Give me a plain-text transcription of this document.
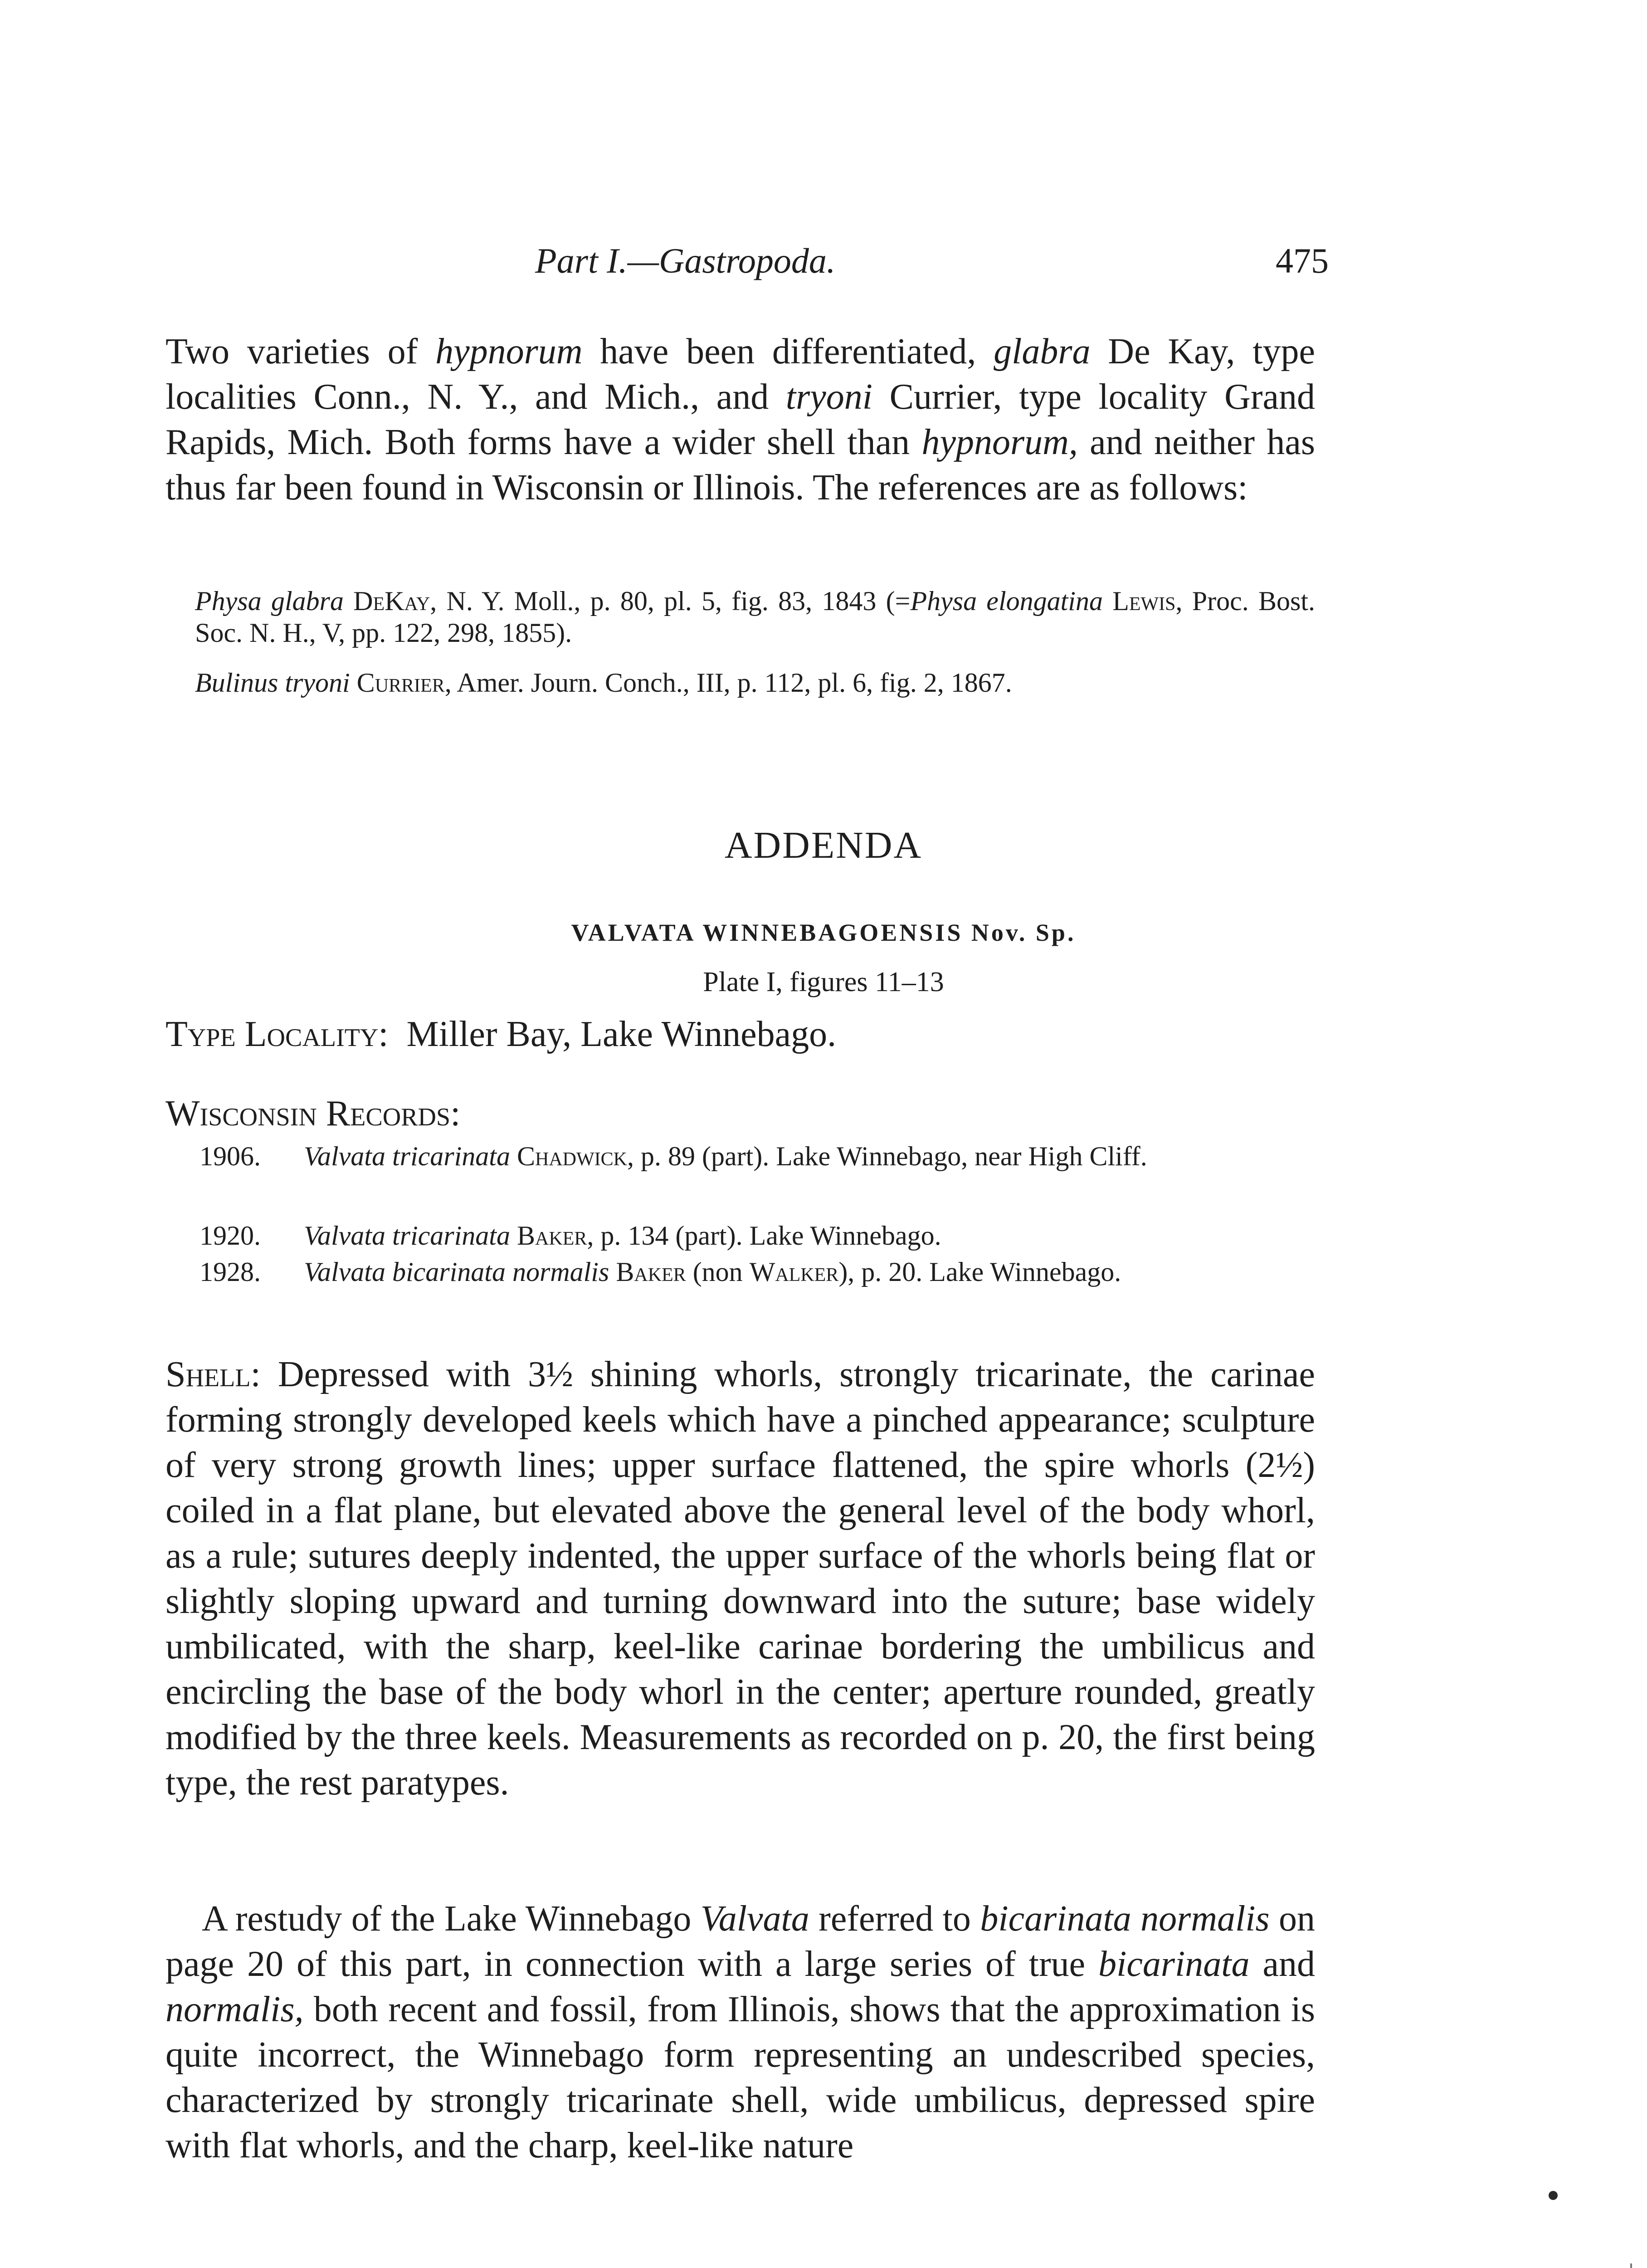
Part I.—Gastropoda.	475

Two varieties of hypnorum have been differentiated, glabra De Kay, type localities Conn., N. Y., and Mich., and tryoni Currier, type locality Grand Rapids, Mich. Both forms have a wider shell than hypnorum, and neither has thus far been found in Wisconsin or Illinois. The references are as follows:

Physa glabra DeKay, N. Y. Moll., p. 80, pl. 5, fig. 83, 1843 (=Physa elongatina Lewis, Proc. Bost. Soc. N. H., V, pp. 122, 298, 1855).

Bulinus tryoni Currier, Amer. Journ. Conch., III, p. 112, pl. 6, fig. 2, 1867.

ADDENDA
VALVATA WINNEBAGOENSIS Nov. Sp.
Plate I, figures 11–13
Type Locality: Miller Bay, Lake Winnebago.
Wisconsin Records:
1906.	Valvata tricarinata Chadwick, p. 89 (part). Lake Winnebago, near High Cliff.
1920.	Valvata tricarinata Baker, p. 134 (part). Lake Winnebago.
1928.	Valvata bicarinata normalis Baker (non Walker), p. 20. Lake Winnebago.

Shell: Depressed with 3½ shining whorls, strongly tricarinate, the carinae forming strongly developed keels which have a pinched appearance; sculpture of very strong growth lines; upper surface flattened, the spire whorls (2½) coiled in a flat plane, but elevated above the general level of the body whorl, as a rule; sutures deeply indented, the upper surface of the whorls being flat or slightly sloping upward and turning downward into the suture; base widely umbilicated, with the sharp, keel-like carinae bordering the umbilicus and encircling the base of the body whorl in the center; aperture rounded, greatly modified by the three keels. Measurements as recorded on p. 20, the first being type, the rest paratypes.

A restudy of the Lake Winnebago Valvata referred to bicarinata normalis on page 20 of this part, in connection with a large series of true bicarinata and normalis, both recent and fossil, from Illinois, shows that the approximation is quite incorrect, the Winnebago form representing an undescribed species, characterized by strongly tricarinate shell, wide umbilicus, depressed spire with flat whorls, and the charp, keel-like nature
